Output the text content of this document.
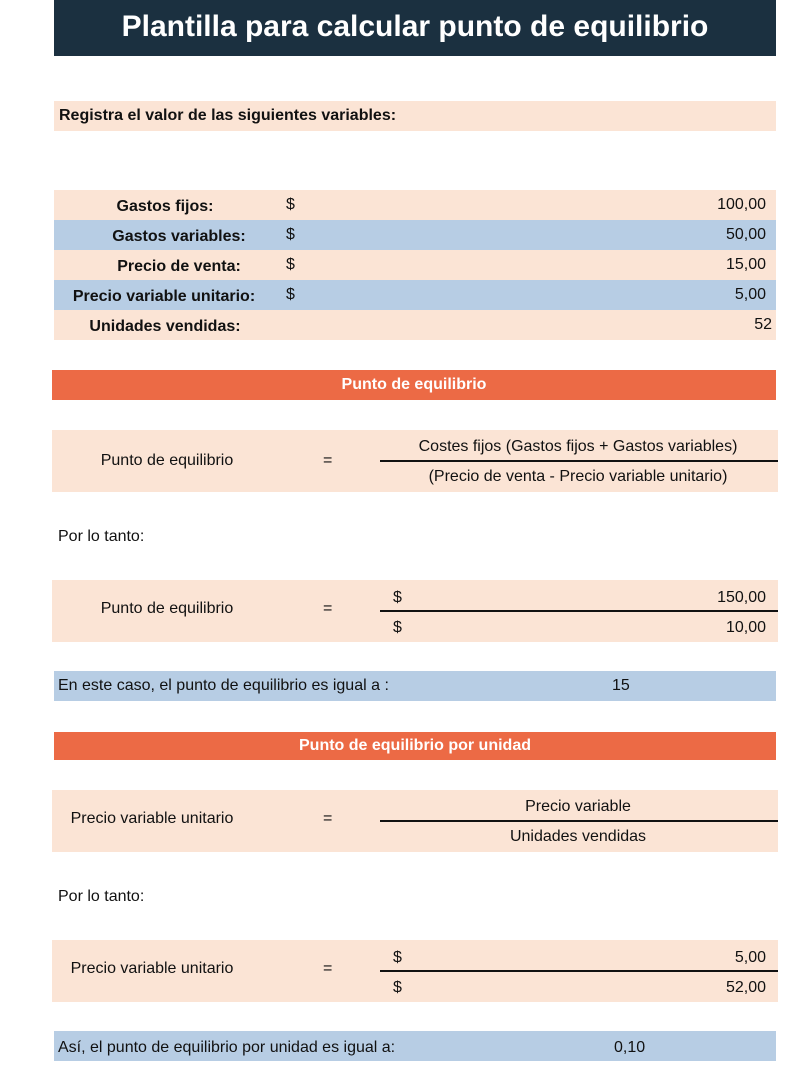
Plantilla para calcular punto de equilibrio
Registra el valor de las siguientes variables:
Gastos fijos:	$	100,00
Gastos variables:	$	50,00
Precio de venta:	$	15,00
Precio variable unitario:	$	5,00
Unidades vendidas:	52
Punto de equilibrio
Punto de equilibrio	=
Costes fijos (Gastos fijos + Gastos variables)
(Precio de venta - Precio variable unitario)
Por lo tanto:
Punto de equilibrio	=
$	150,00
$	10,00
En este caso, el punto de equilibrio es igual a :	15
Punto de equilibrio por unidad
Precio variable unitario	=
Precio variable
Unidades vendidas
Por lo tanto:
Precio variable unitario	=
$	5,00
$	52,00
Así, el punto de equilibrio por unidad es igual a:	0,10
